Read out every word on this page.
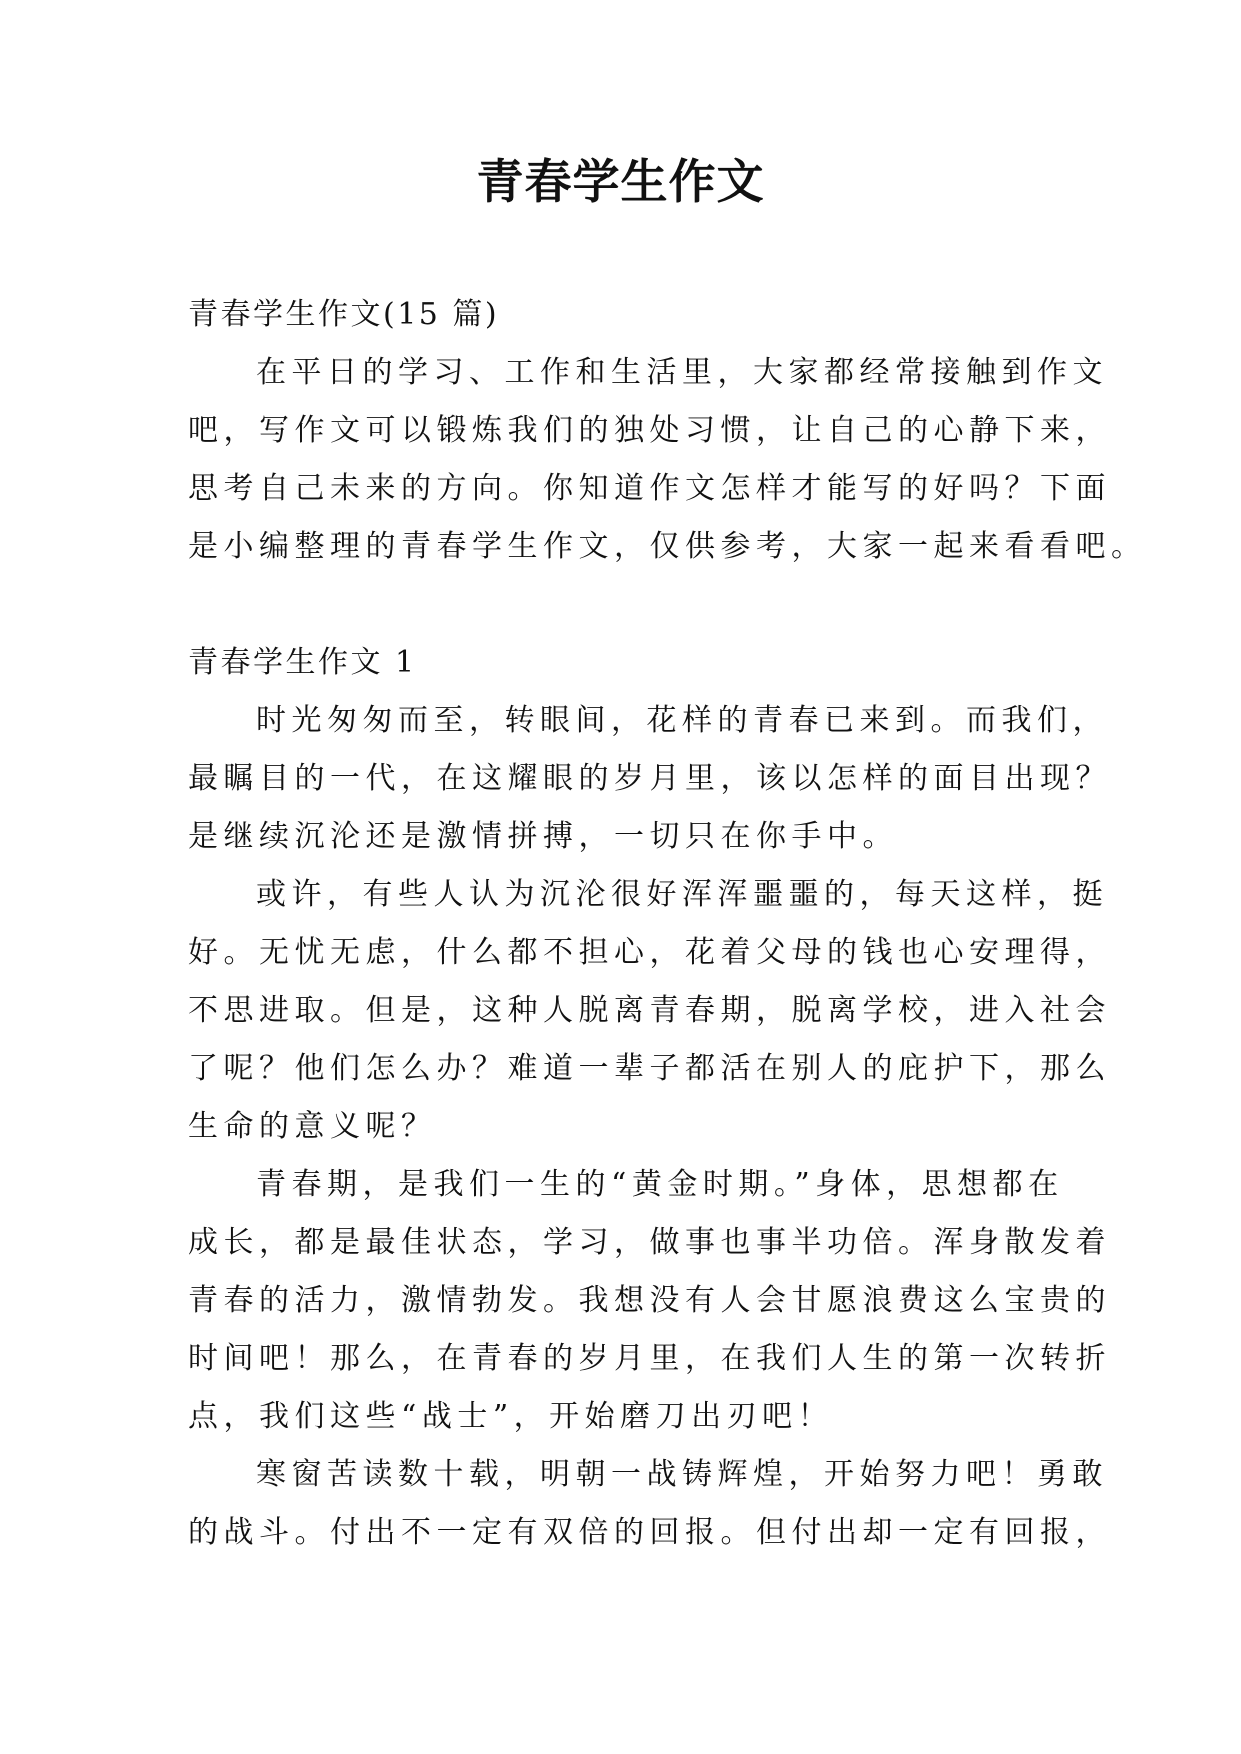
青春学生作文

青春学生作文(15 篇)

在平日的学习、工作和生活里，大家都经常接触到作文

吧，写作文可以锻炼我们的独处习惯，让自己的心静下来，

思考自己未来的方向。你知道作文怎样才能写的好吗？下面

是小编整理的青春学生作文，仅供参考，大家一起来看看吧。

青春学生作文 1

时光匆匆而至，转眼间，花样的青春已来到。而我们，

最瞩目的一代，在这耀眼的岁月里，该以怎样的面目出现？

是继续沉沦还是激情拼搏，一切只在你手中。

或许，有些人认为沉沦很好浑浑噩噩的，每天这样，挺

好。无忧无虑，什么都不担心，花着父母的钱也心安理得，

不思进取。但是，这种人脱离青春期，脱离学校，进入社会

了呢？他们怎么办？难道一辈子都活在别人的庇护下，那么

生命的意义呢？

青春期，是我们一生的“黄金时期。”身体，思想都在

成长，都是最佳状态，学习，做事也事半功倍。浑身散发着

青春的活力，激情勃发。我想没有人会甘愿浪费这么宝贵的

时间吧！那么，在青春的岁月里，在我们人生的第一次转折

点，我们这些“战士”，开始磨刀出刃吧！

寒窗苦读数十载，明朝一战铸辉煌，开始努力吧！勇敢

的战斗。付出不一定有双倍的回报。但付出却一定有回报，
